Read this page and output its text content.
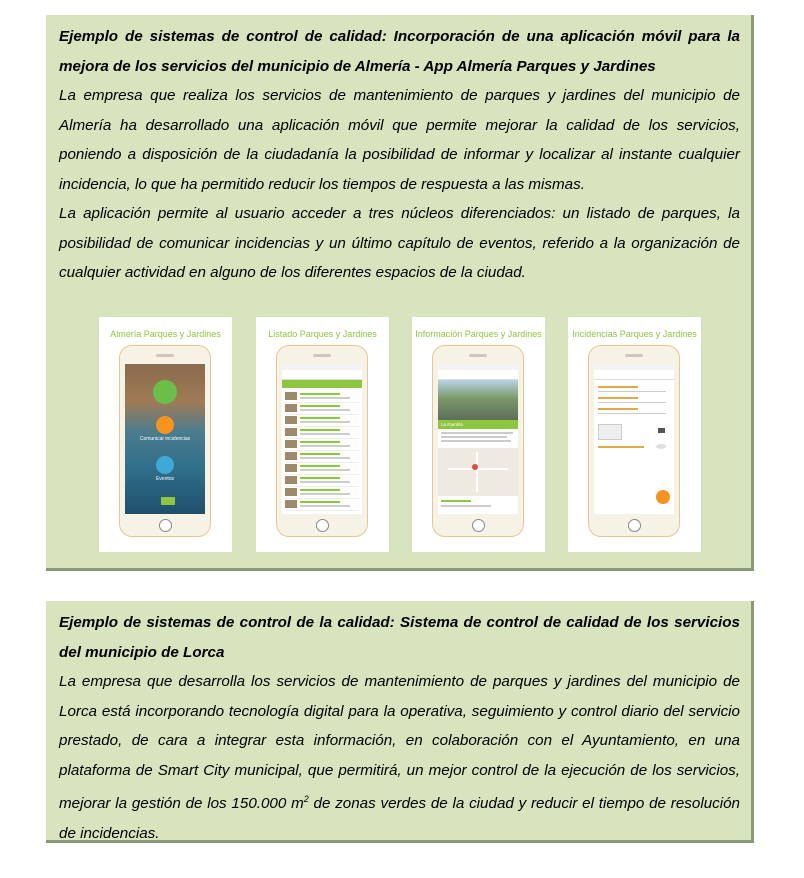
Ejemplo de sistemas de control de calidad: Incorporación de una aplicación móvil para la mejora de los servicios del municipio de Almería - App Almería Parques y Jardines
La empresa que realiza los servicios de mantenimiento de parques y jardines del municipio de Almería ha desarrollado una aplicación móvil que permite mejorar la calidad de los servicios, poniendo a disposición de la ciudadanía la posibilidad de informar y localizar al instante cualquier incidencia, lo que ha permitido reducir los tiempos de respuesta a las mismas.
La aplicación permite al usuario acceder a tres núcleos diferenciados: un listado de parques, la posibilidad de comunicar incidencias y un último capítulo de eventos, referido a la organización de cualquier actividad en alguno de los diferentes espacios de la ciudad.
Almería Parques y Jardines
Comunicar incidencias
Eventos
Listado Parques y Jardines	Información Parques y Jardines
La Rambla
Incidencias Parques y Jardines
Ejemplo de sistemas de control de la calidad: Sistema de control de calidad de los servicios del municipio de Lorca
La empresa que desarrolla los servicios de mantenimiento de parques y jardines del municipio de Lorca está incorporando tecnología digital para la operativa, seguimiento y control diario del servicio prestado, de cara a integrar esta información, en colaboración con el Ayuntamiento, en una plataforma de Smart City municipal, que permitirá, un mejor control de la ejecución de los servicios, mejorar la gestión de los 150.000 $m^2$ de zonas verdes de la ciudad y reducir el tiempo de resolución de incidencias.
